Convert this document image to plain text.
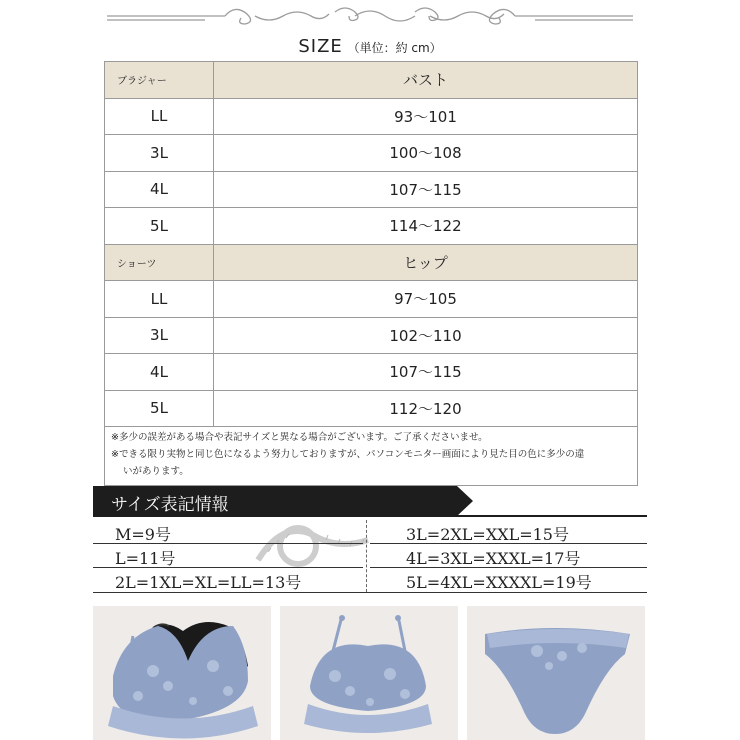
SIZE （単位：約 cm）
ブラジャー	バスト
LL	93～101
3L	100～108
4L	107～115
5L	114～122
ショーツ	ヒップ
LL	97～105
3L	102～110
4L	107～115
5L	112～120

※多少の誤差がある場合や表記サイズと異なる場合がございます。ご了承くださいませ。
※できる限り実物と同じ色になるよう努力しておりますが、パソコンモニター画面により見た目の色に多少の違
いがあります。	
サイズ表記情報
M=9号
L=11号
2L=1XL=XL=LL=13号
3L=2XL=XXL=15号
4L=3XL=XXXL=17号
5L=4XL=XXXXL=19号
